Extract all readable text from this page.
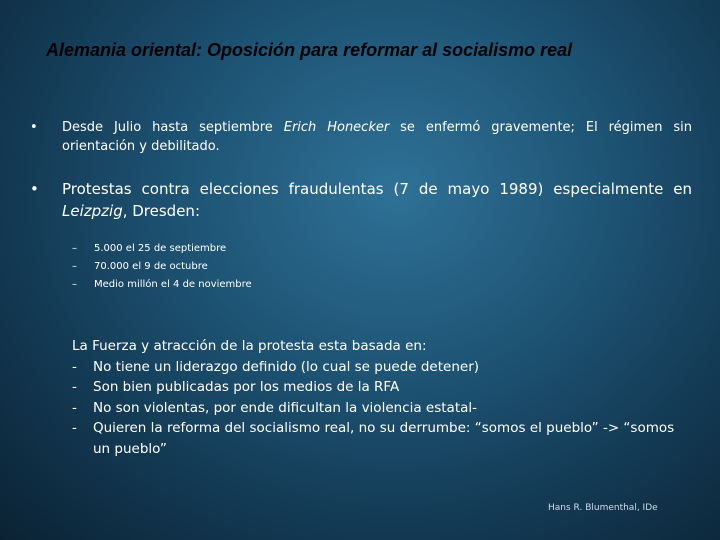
Alemania oriental: Oposición para reformar al socialismo real
• Desde Julio hasta septiembre Erich Honecker se enfermó gravemente; El régimen sin orientación y debilitado.
• Protestas contra elecciones fraudulentas (7 de mayo 1989) especialmente en Leizpzig, Dresden:
– 5.000 el 25 de septiembre
– 70.000 el 9 de octubre
– Medio millón el 4 de noviembre
La Fuerza y atracción de la protesta esta basada en:
- No tiene un liderazgo definido (lo cual se puede detener)
- Son bien publicadas por los medios de la RFA
- No son violentas, por ende dificultan la violencia estatal-
- Quieren la reforma del socialismo real, no su derrumbe: “somos el pueblo” -> “somos un pueblo”
Hans R. Blumenthal, IDe
